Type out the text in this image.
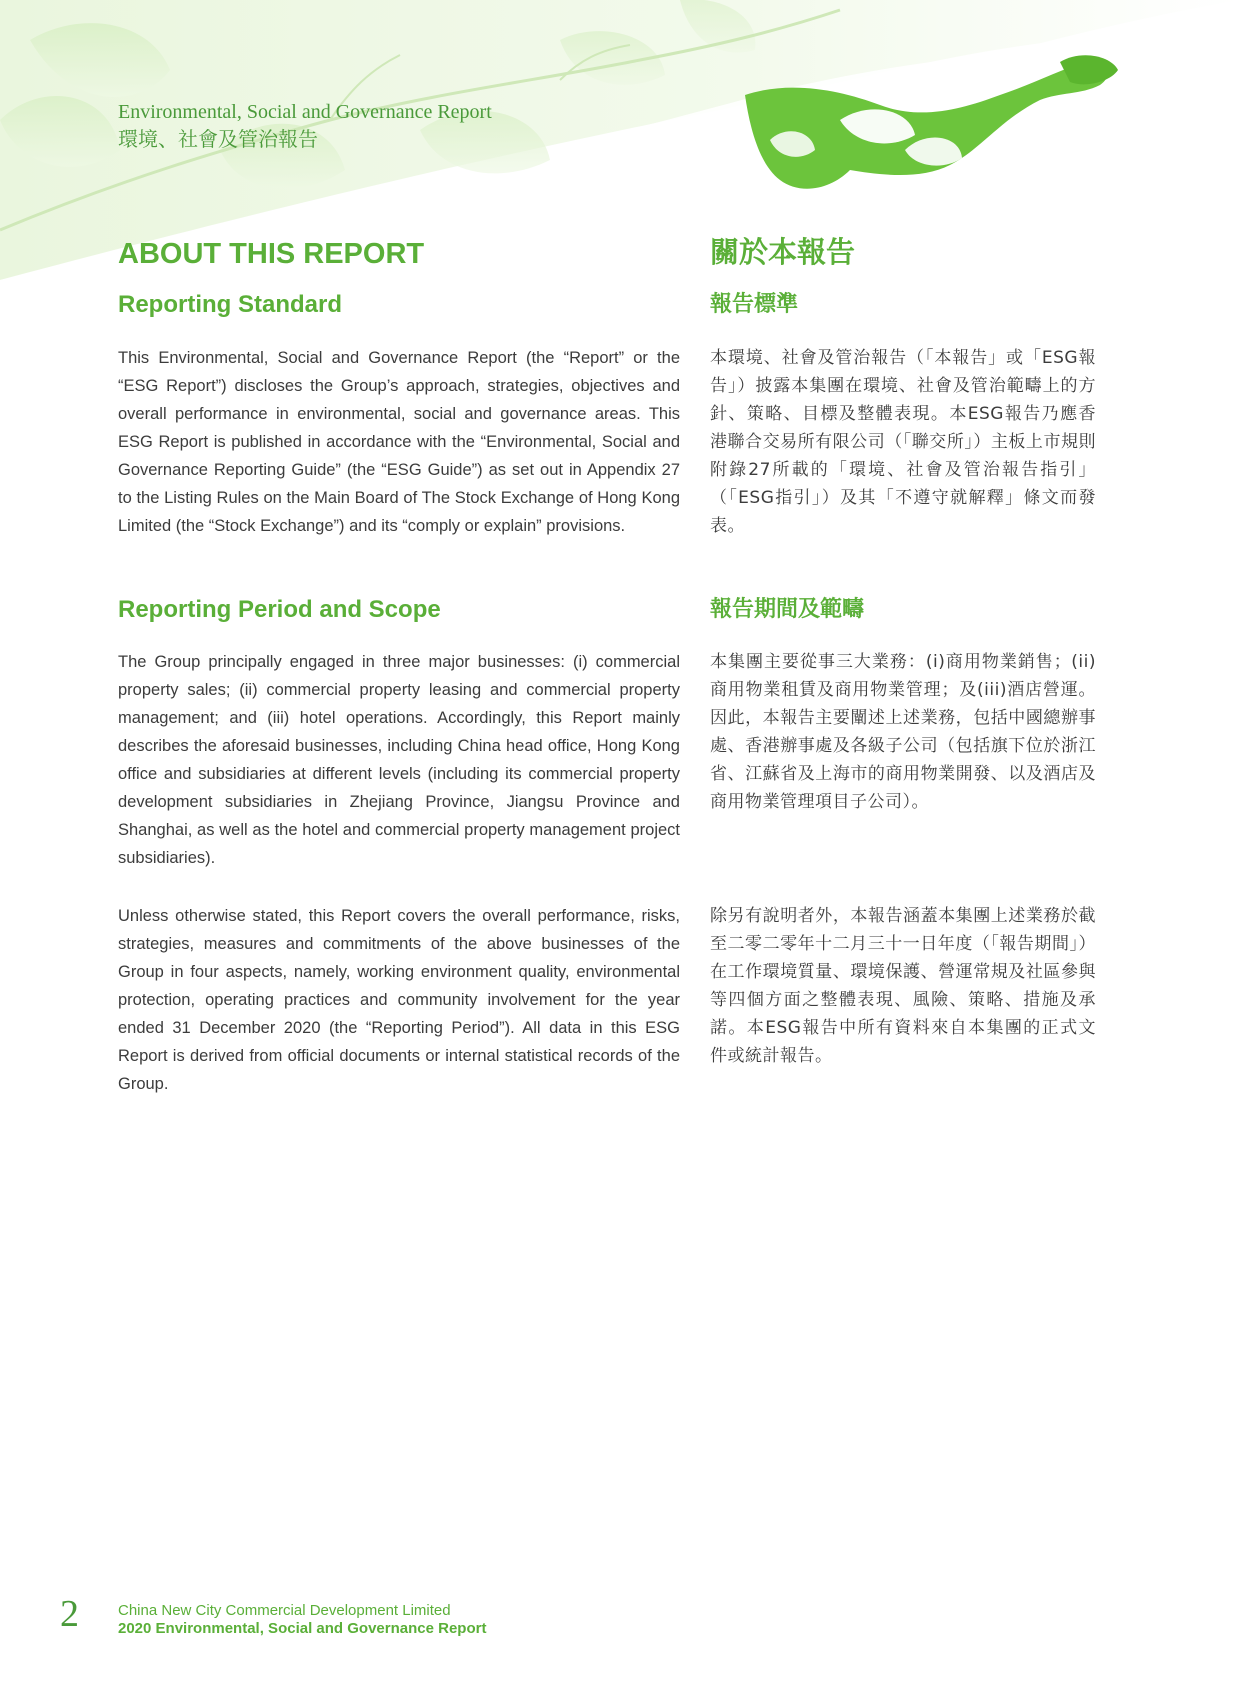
Environmental, Social and Governance Report
環境、社會及管治報告
ABOUT THIS REPORT
Reporting Standard

This Environmental, Social and Governance Report (the “Report” or the “ESG Report”) discloses the Group’s approach, strategies, objectives and overall performance in environmental, social and governance areas. This ESG Report is published in accordance with the “Environmental, Social and Governance Reporting Guide” (the “ESG Guide”) as set out in Appendix 27 to the Listing Rules on the Main Board of The Stock Exchange of Hong Kong Limited (the “Stock Exchange”) and its “comply or explain” provisions.

Reporting Period and Scope

The Group principally engaged in three major businesses: (i) commercial property sales; (ii) commercial property leasing and commercial property management; and (iii) hotel operations. Accordingly, this Report mainly describes the aforesaid businesses, including China head office, Hong Kong office and subsidiaries at different levels (including its commercial property development subsidiaries in Zhejiang Province, Jiangsu Province and Shanghai, as well as the hotel and commercial property management project subsidiaries).

Unless otherwise stated, this Report covers the overall performance, risks, strategies, measures and commitments of the above businesses of the Group in four aspects, namely, working environment quality, environmental protection, operating practices and community involvement for the year ended 31 December 2020 (the “Reporting Period”). All data in this ESG Report is derived from official documents or internal statistical records of the Group.

關於本報告
報告標準

本環境、社會及管治報告（「本報告」或「ESG報告」）披露本集團在環境、社會及管治範疇上的方針、策略、目標及整體表現。本ESG報告乃應香港聯合交易所有限公司（「聯交所」）主板上市規則附錄27所載的「環境、社會及管治報告指引」（「ESG指引」）及其「不遵守就解釋」條文而發表。

報告期間及範疇

本集團主要從事三大業務：(i)商用物業銷售；(ii)商用物業租賃及商用物業管理；及(iii)酒店營運。因此，本報告主要闡述上述業務，包括中國總辦事處、香港辦事處及各級子公司（包括旗下位於浙江省、江蘇省及上海市的商用物業開發、以及酒店及商用物業管理項目子公司）。

除另有說明者外，本報告涵蓋本集團上述業務於截至二零二零年十二月三十一日年度（「報告期間」）在工作環境質量、環境保護、營運常規及社區參與等四個方面之整體表現、風險、策略、措施及承諾。本ESG報告中所有資料來自本集團的正式文件或統計報告。

2	China New City Commercial Development Limited
2020 Environmental, Social and Governance Report
